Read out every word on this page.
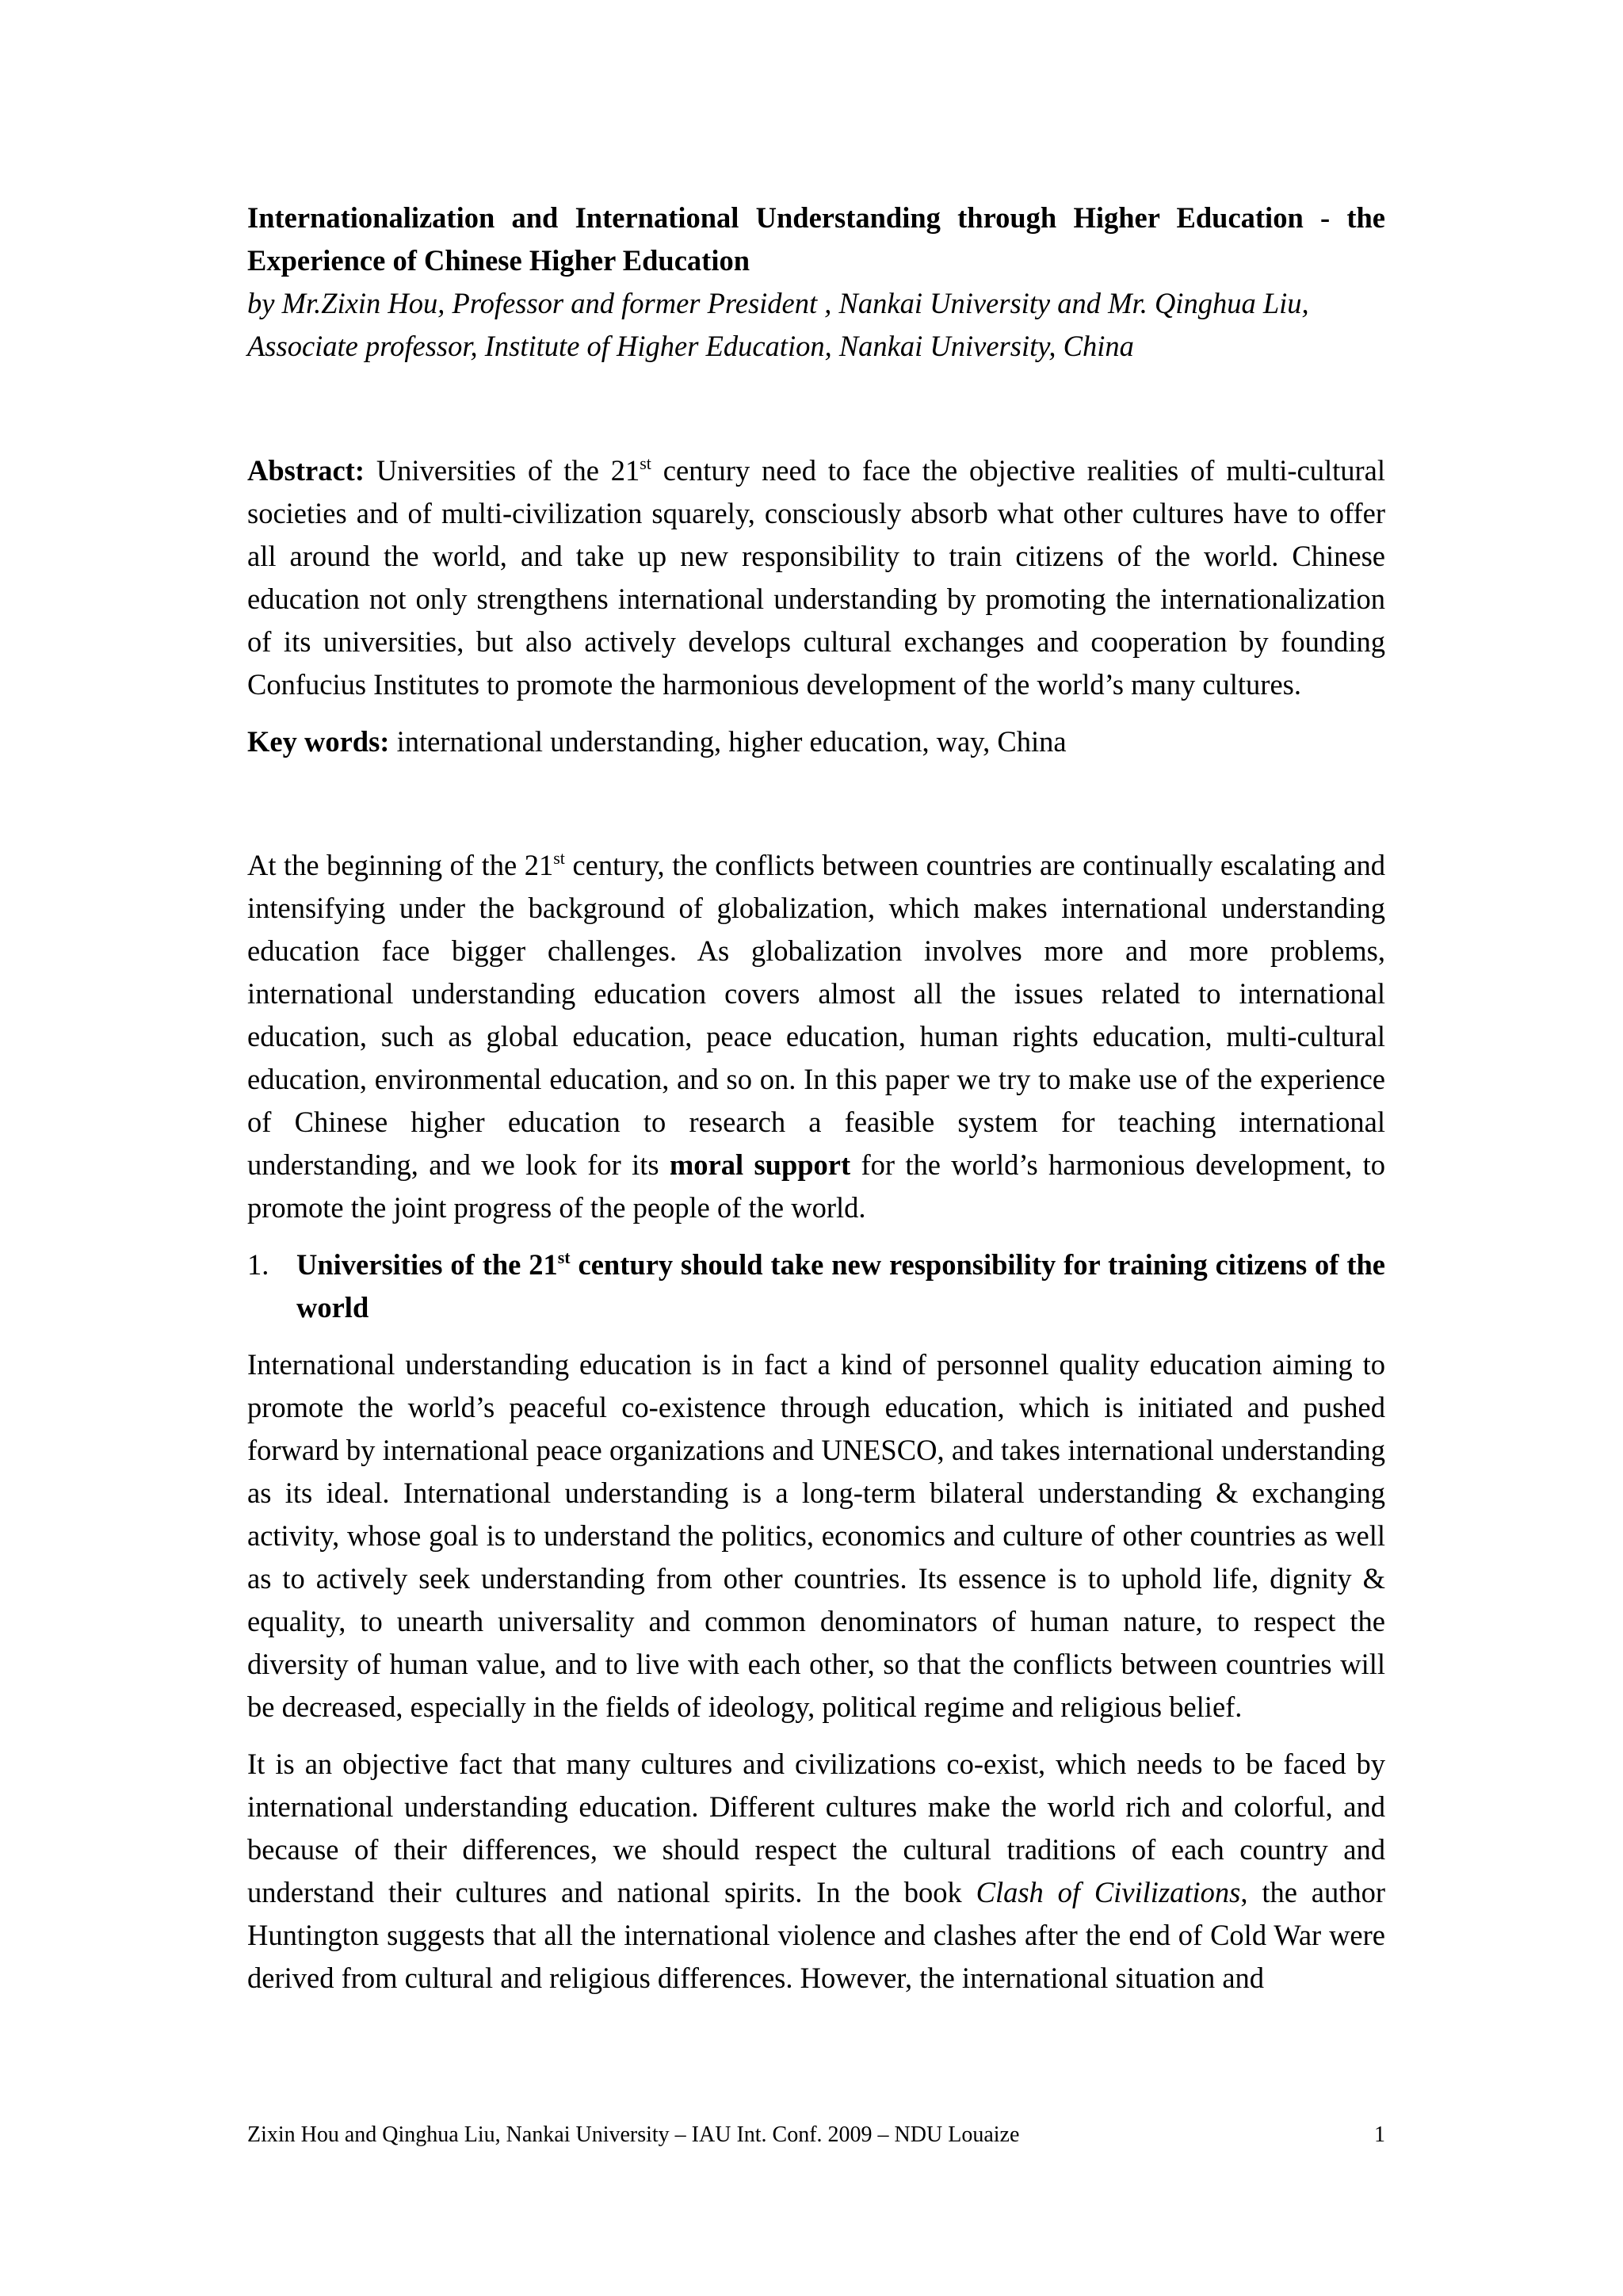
Internationalization and International Understanding through Higher Education - the Experience of Chinese Higher Education

by Mr.Zixin Hou, Professor and former President , Nankai University and Mr. Qinghua Liu, Associate professor, Institute of Higher Education, Nankai University, China

Abstract: Universities of the 21st century need to face the objective realities of multi-cultural societies and of multi-civilization squarely, consciously absorb what other cultures have to offer all around the world, and take up new responsibility to train citizens of the world. Chinese education not only strengthens international understanding by promoting the internationalization of its universities, but also actively develops cultural exchanges and cooperation by founding Confucius Institutes to promote the harmonious development of the world’s many cultures.

Key words: international understanding, higher education, way, China

At the beginning of the 21st century, the conflicts between countries are continually escalating and intensifying under the background of globalization, which makes international understanding education face bigger challenges. As globalization involves more and more problems, international understanding education covers almost all the issues related to international education, such as global education, peace education, human rights education, multi-cultural education, environmental education, and so on. In this paper we try to make use of the experience of Chinese higher education to research a feasible system for teaching international understanding, and we look for its moral support for the world’s harmonious development, to promote the joint progress of the people of the world.

1. Universities of the 21st century should take new responsibility for training citizens of the world

International understanding education is in fact a kind of personnel quality education aiming to promote the world’s peaceful co-existence through education, which is initiated and pushed forward by international peace organizations and UNESCO, and takes international understanding as its ideal. International understanding is a long-term bilateral understanding & exchanging activity, whose goal is to understand the politics, economics and culture of other countries as well as to actively seek understanding from other countries. Its essence is to uphold life, dignity & equality, to unearth universality and common denominators of human nature, to respect the diversity of human value, and to live with each other, so that the conflicts between countries will be decreased, especially in the fields of ideology, political regime and religious belief.

It is an objective fact that many cultures and civilizations co-exist, which needs to be faced by international understanding education. Different cultures make the world rich and colorful, and because of their differences, we should respect the cultural traditions of each country and understand their cultures and national spirits. In the book Clash of Civilizations, the author Huntington suggests that all the international violence and clashes after the end of Cold War were derived from cultural and religious differences. However, the international situation and

Zixin Hou and Qinghua Liu, Nankai University – IAU Int. Conf. 2009 – NDU Louaize	1
